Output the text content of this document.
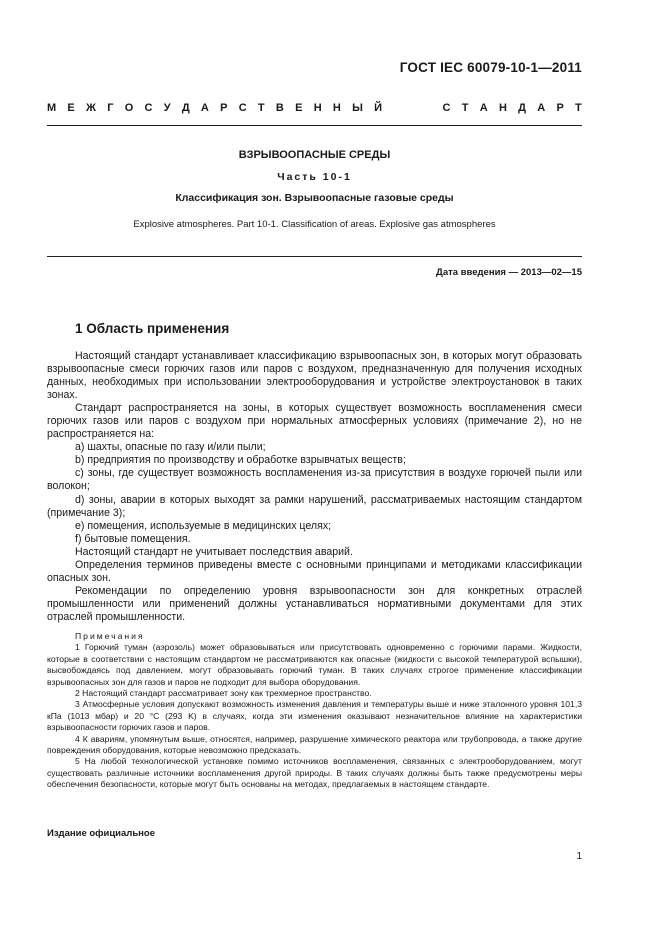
ГОСТ IEC 60079-10-1—2011
М Е Ж Г О С У Д А Р С Т В Е Н Н Ы Й	С Т А Н Д А Р Т
ВЗРЫВООПАСНЫЕ СРЕДЫ
Часть 10-1
Классификация зон. Взрывоопасные газовые среды
Explosive atmospheres. Part 10-1. Classification of areas. Explosive gas atmospheres
Дата введения — 2013—02—15
1 Область применения

Настоящий стандарт устанавливает классификацию взрывоопасных зон, в которых могут образовать взрывоопасные смеси горючих газов или паров с воздухом, предназначенную для получения исходных данных, необходимых при использовании электрооборудования и устройстве электроустановок в таких зонах.

Стандарт распространяется на зоны, в которых существует возможность воспламенения смеси горючих газов или паров с воздухом при нормальных атмосферных условиях (примечание 2), но не распространяется на:

a) шахты, опасные по газу и/или пыли;

b) предприятия по производству и обработке взрывчатых веществ;

c) зоны, где существует возможность воспламенения из-за присутствия в воздухе горючей пыли или волокон;

d) зоны, аварии в которых выходят за рамки нарушений, рассматриваемых настоящим стандартом (примечание 3);

e) помещения, используемые в медицинских целях;

f) бытовые помещения.

Настоящий стандарт не учитывает последствия аварий.

Определения терминов приведены вместе с основными принципами и методиками классификации опасных зон.

Рекомендации по определению уровня взрывоопасности зон для конкретных отраслей промышленности или применений должны устанавливаться нормативными документами для этих отраслей промышленности.

Примечания

1 Горючий туман (аэрозоль) может образовываться или присутствовать одновременно с горючими парами. Жидкости, которые в соответствии с настоящим стандартом не рассматриваются как опасные (жидкости с высокой температурой вспышки), высвобождаясь под давлением, могут образовывать горючий туман. В таких случаях строгое применение классификации взрывоопасных зон для газов и паров не подходит для выбора оборудования.

2 Настоящий стандарт рассматривает зону как трехмерное пространство.

3 Атмосферные условия допускают возможность изменения давления и температуры выше и ниже эталонного уровня 101,3 кПа (1013 мбар) и 20 °C (293 K) в случаях, когда эти изменения оказывают незначительное влияние на характеристики взрывоопасности горючих газов и паров.

4 К авариям, упомянутым выше, относятся, например, разрушение химического реактора или трубопровода, а также другие повреждения оборудования, которые невозможно предсказать.

5 На любой технологической установке помимо источников воспламенения, связанных с электрооборудованием, могут существовать различные источники воспламенения другой природы. В таких случаях должны быть также предусмотрены меры обеспечения безопасности, которые могут быть основаны на методах, предлагаемых в настоящем стандарте.

Издание официальное
1
